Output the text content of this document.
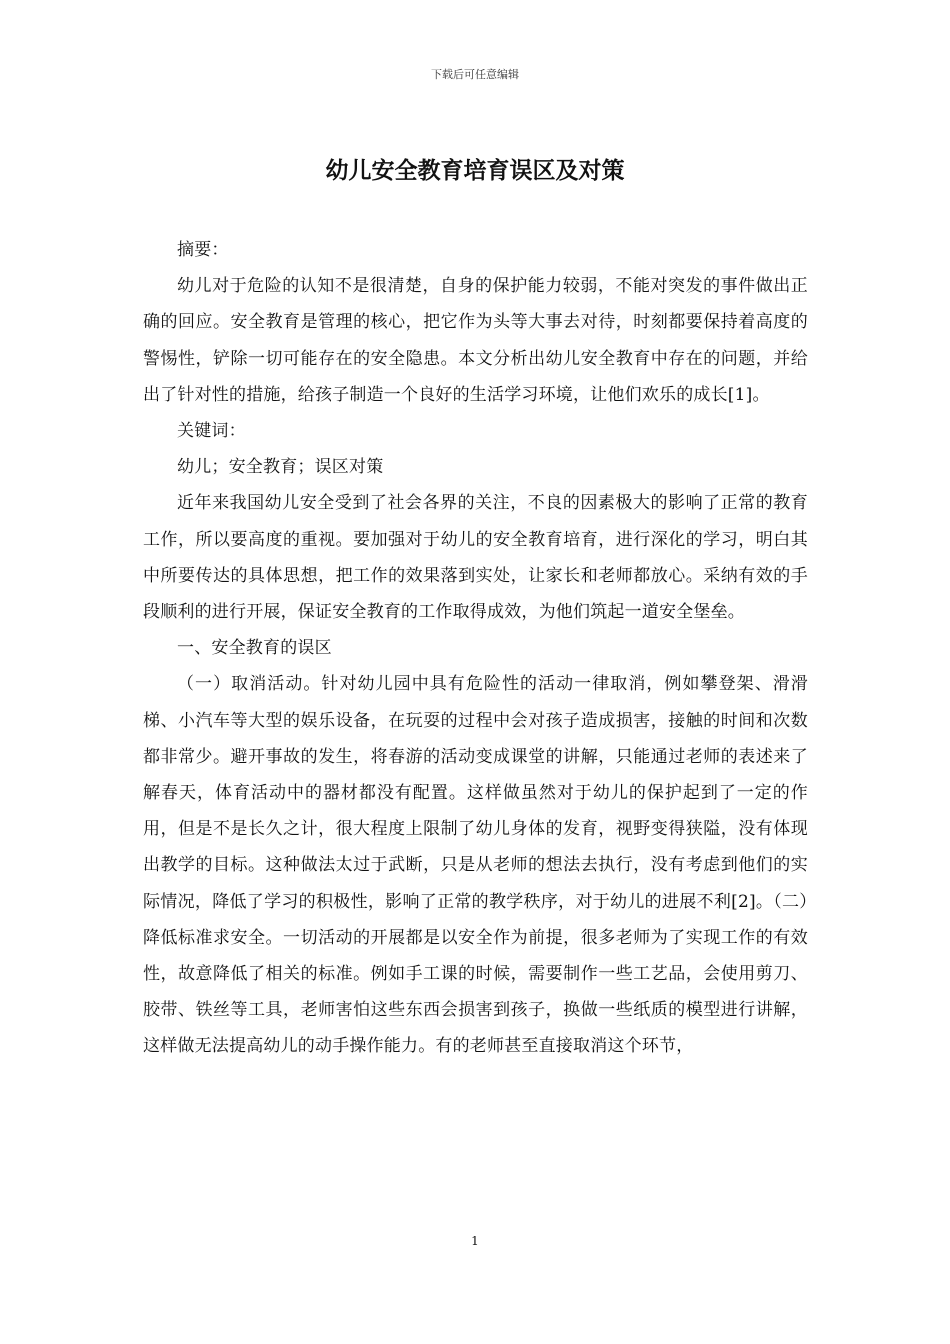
下载后可任意编辑
幼儿安全教育培育误区及对策

摘要：

幼儿对于危险的认知不是很清楚，自身的保护能力较弱，不能对突发的事件做出正确的回应。安全教育是管理的核心，把它作为头等大事去对待，时刻都要保持着高度的警惕性，铲除一切可能存在的安全隐患。本文分析出幼儿安全教育中存在的问题，并给出了针对性的措施，给孩子制造一个良好的生活学习环境，让他们欢乐的成长[1]。

关键词：

幼儿；安全教育；误区对策

近年来我国幼儿安全受到了社会各界的关注，不良的因素极大的影响了正常的教育工作，所以要高度的重视。要加强对于幼儿的安全教育培育，进行深化的学习，明白其中所要传达的具体思想，把工作的效果落到实处，让家长和老师都放心。采纳有效的手段顺利的进行开展，保证安全教育的工作取得成效，为他们筑起一道安全堡垒。

一、安全教育的误区

（一）取消活动。针对幼儿园中具有危险性的活动一律取消，例如攀登架、滑滑梯、小汽车等大型的娱乐设备，在玩耍的过程中会对孩子造成损害，接触的时间和次数都非常少。避开事故的发生，将春游的活动变成课堂的讲解，只能通过老师的表述来了解春天，体育活动中的器材都没有配置。这样做虽然对于幼儿的保护起到了一定的作用，但是不是长久之计，很大程度上限制了幼儿身体的发育，视野变得狭隘，没有体现出教学的目标。这种做法太过于武断，只是从老师的想法去执行，没有考虑到他们的实际情况，降低了学习的积极性，影响了正常的教学秩序，对于幼儿的进展不利[2]。（二）降低标准求安全。一切活动的开展都是以安全作为前提，很多老师为了实现工作的有效性，故意降低了相关的标准。例如手工课的时候，需要制作一些工艺品，会使用剪刀、胶带、铁丝等工具，老师害怕这些东西会损害到孩子，换做一些纸质的模型进行讲解，这样做无法提高幼儿的动手操作能力。有的老师甚至直接取消这个环节，

1
